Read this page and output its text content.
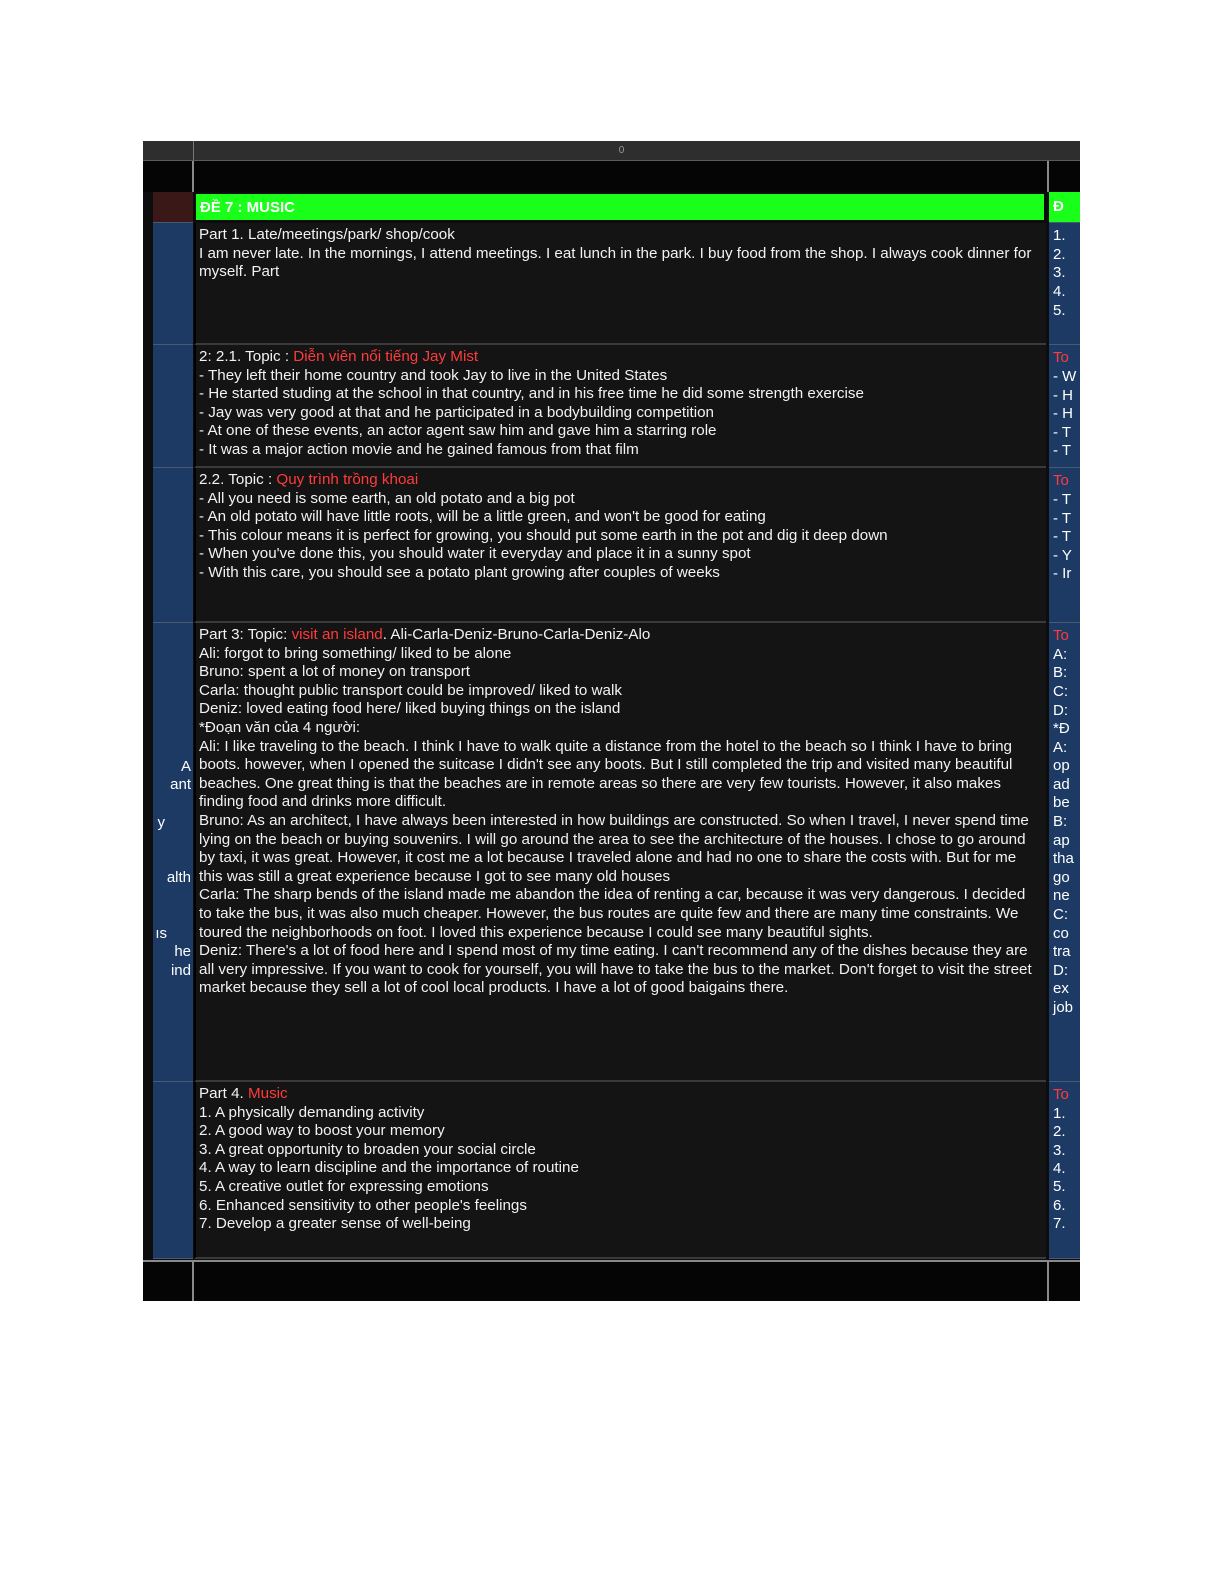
0
ĐỀ 7 : MUSIC	Đ
Part 1. Late/meetings/park/ shop/cook
I am never late. In the mornings, I attend meetings. I eat lunch in the park. I buy food from the shop. I always cook dinner for myself. Part
1.
2.
3.
4.
5.
2: 2.1. Topic : Diễn viên nổi tiếng Jay Mist
- They left their home country and took Jay to live in the United States
- He started studing at the school in that country, and in his free time he did some strength exercise
- Jay was very good at that and he participated in a bodybuilding competition
- At one of these events, an actor agent saw him and gave him a starring role
- It was a major action movie and he gained famous from that film
To
- W
- H
- H
- T
- T
2.2. Topic : Quy trình trồng khoai
- All you need is some earth, an old potato and a big pot
- An old potato will have little roots, will be a little green, and won't be good for eating
- This colour means it is perfect for growing, you should put some earth in the pot and dig it deep down
- When you've done this, you should water it everyday and place it in a sunny spot
- With this care, you should see a potato plant growing after couples of weeks
To
- T
- T
- T
- Y
- Ir
A
ant
y
alth
ıs
he
ind
Part 3: Topic: visit an island. Ali-Carla-Deniz-Bruno-Carla-Deniz-Alo
Ali: forgot to bring something/ liked to be alone
Bruno: spent a lot of money on transport
Carla: thought public transport could be improved/ liked to walk
Deniz: loved eating food here/ liked buying things on the island
*Đoạn văn của 4 người:
Ali: I like traveling to the beach. I think I have to walk quite a distance from the hotel to the beach so I think I have to bring boots. however, when I opened the suitcase I didn't see any boots. But I still completed the trip and visited many beautiful beaches. One great thing is that the beaches are in remote areas so there are very few tourists. However, it also makes finding food and drinks more difficult.
Bruno: As an architect, I have always been interested in how buildings are constructed. So when I travel, I never spend time lying on the beach or buying souvenirs. I will go around the area to see the architecture of the houses. I chose to go around by taxi, it was great. However, it cost me a lot because I traveled alone and had no one to share the costs with. But for me this was still a great experience because I got to see many old houses
Carla: The sharp bends of the island made me abandon the idea of renting a car, because it was very dangerous. I decided to take the bus, it was also much cheaper. However, the bus routes are quite few and there are many time constraints. We toured the neighborhoods on foot. I loved this experience because I could see many beautiful sights.
Deniz: There's a lot of food here and I spend most of my time eating. I can't recommend any of the dishes because they are all very impressive. If you want to cook for yourself, you will have to take the bus to the market. Don't forget to visit the street market because they sell a lot of cool local products. I have a lot of good baigains there.
To
A:
B:
C:
D:
*Đ
A:
op
ad
be
B:
ap
tha
go
ne
C:
co
tra
D:
ex
job
Part 4. Music
1. A physically demanding activity
2. A good way to boost your memory
3. A great opportunity to broaden your social circle
4. A way to learn discipline and the importance of routine
5. A creative outlet for expressing emotions
6. Enhanced sensitivity to other people's feelings
7. Develop a greater sense of well-being
To
1.
2.
3.
4.
5.
6.
7.
